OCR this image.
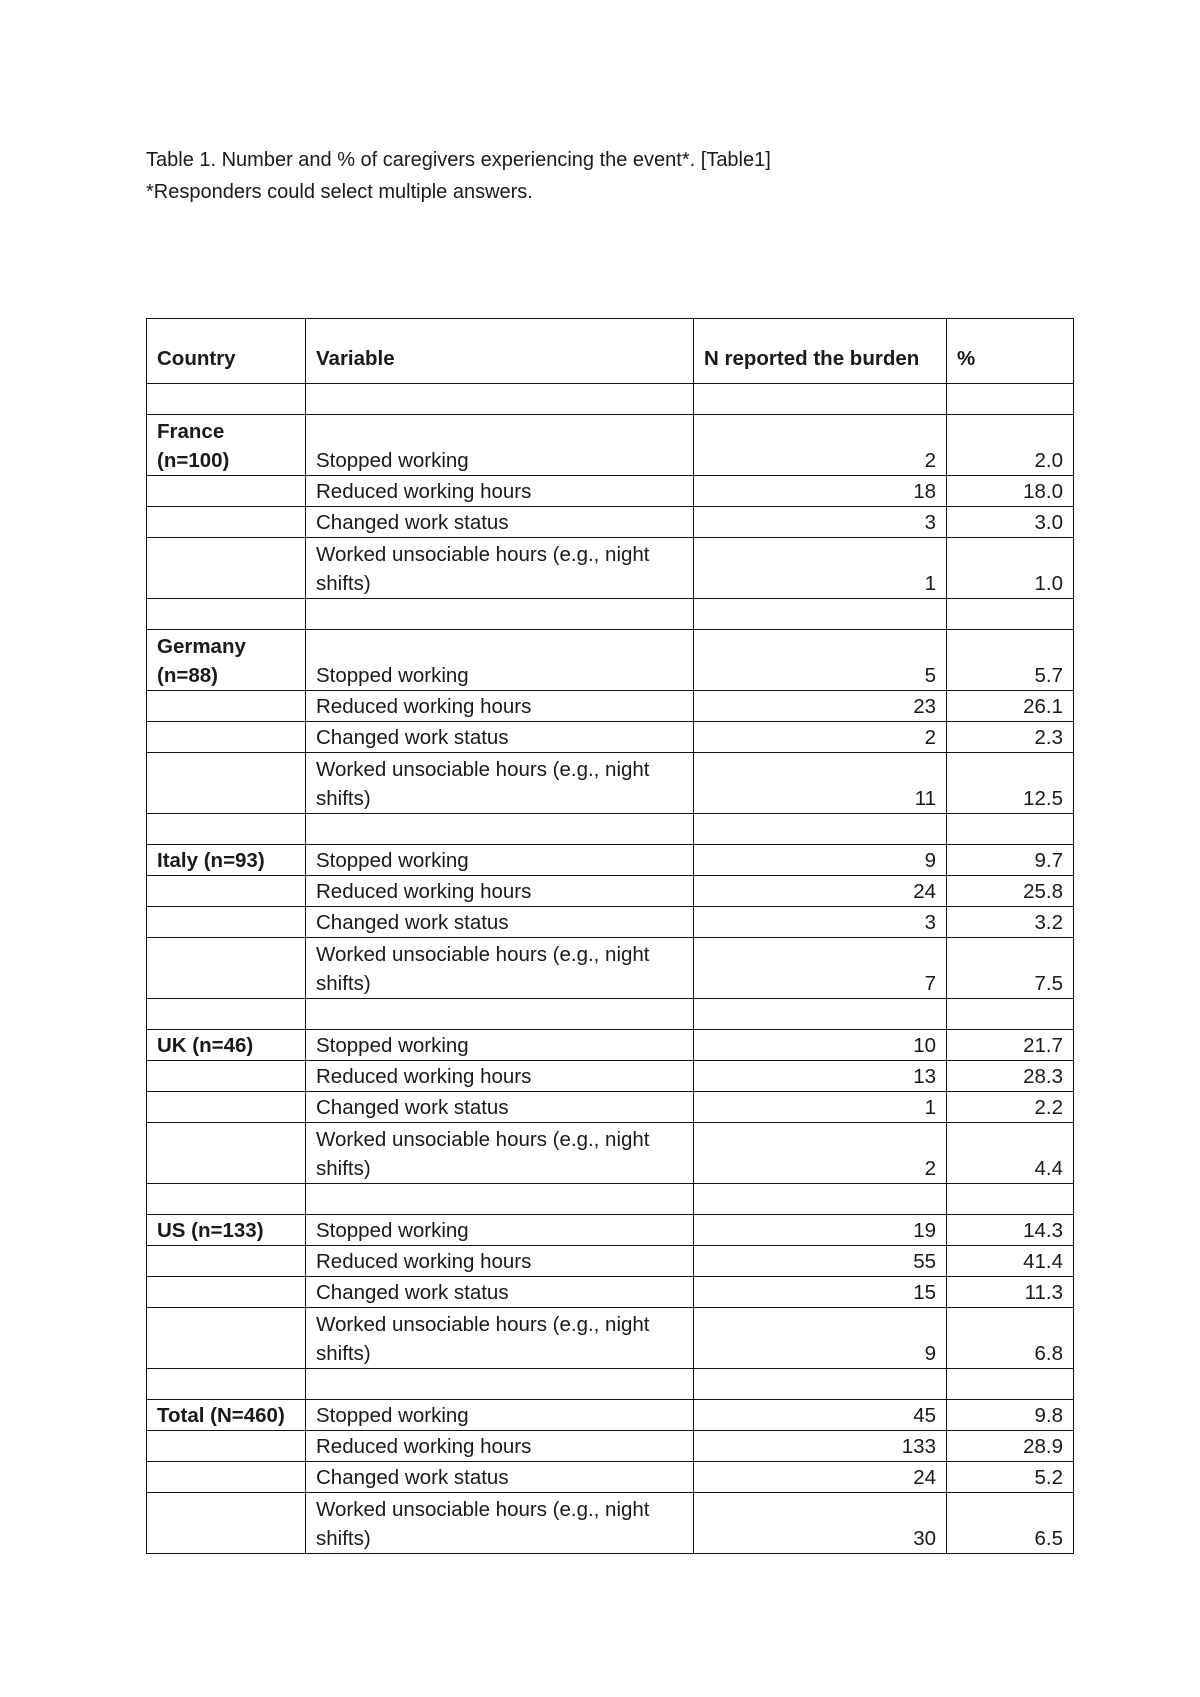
Table 1. Number and % of caregivers experiencing the event*. [Table1]
*Responders could select multiple answers.
Country	Variable	N reported the burden	%

France (n=100)	Stopped working	2	2.0
	Reduced working hours	18	18.0
	Changed work status	3	3.0
	Worked unsociable hours (e.g., night shifts)	1	1.0

Germany (n=88)	Stopped working	5	5.7
	Reduced working hours	23	26.1
	Changed work status	2	2.3
	Worked unsociable hours (e.g., night shifts)	11	12.5

Italy (n=93)	Stopped working	9	9.7
	Reduced working hours	24	25.8
	Changed work status	3	3.2
	Worked unsociable hours (e.g., night shifts)	7	7.5

UK (n=46)	Stopped working	10	21.7
	Reduced working hours	13	28.3
	Changed work status	1	2.2
	Worked unsociable hours (e.g., night shifts)	2	4.4

US (n=133)	Stopped working	19	14.3
	Reduced working hours	55	41.4
	Changed work status	15	11.3
	Worked unsociable hours (e.g., night shifts)	9	6.8

Total (N=460)	Stopped working	45	9.8
	Reduced working hours	133	28.9
	Changed work status	24	5.2
	Worked unsociable hours (e.g., night shifts)	30	6.5
